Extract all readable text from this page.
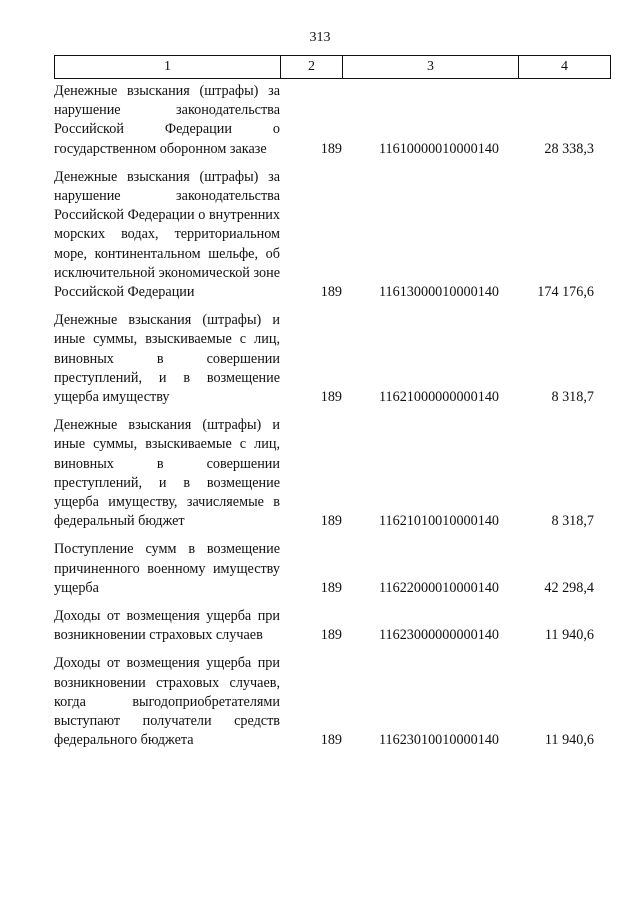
313
1	2	3	4
Денежные взыскания (штрафы) за нарушение законодательства Российской Федерации о государственном оборонном заказе	189	11610000010000140	28 338,3
Денежные взыскания (штрафы) за нарушение законодательства Российской Федерации о внутренних морских водах, территориальном море, континентальном шельфе, об исключительной экономической зоне Российской Федерации	189	11613000010000140	174 176,6
Денежные взыскания (штрафы) и иные суммы, взыскиваемые с лиц, виновных в совершении преступлений, и в возмещение ущерба имуществу	189	11621000000000140	8 318,7
Денежные взыскания (штрафы) и иные суммы, взыскиваемые с лиц, виновных в совершении преступлений, и в возмещение ущерба имуществу, зачисляемые в федеральный бюджет	189	11621010010000140	8 318,7
Поступление сумм в возмещение причиненного военному имуществу ущерба	189	11622000010000140	42 298,4
Доходы от возмещения ущерба при возникновении страховых случаев	189	11623000000000140	11 940,6
Доходы от возмещения ущерба при возникновении страховых случаев, когда выгодоприобретателями выступают получатели средств федерального бюджета	189	11623010010000140	11 940,6
